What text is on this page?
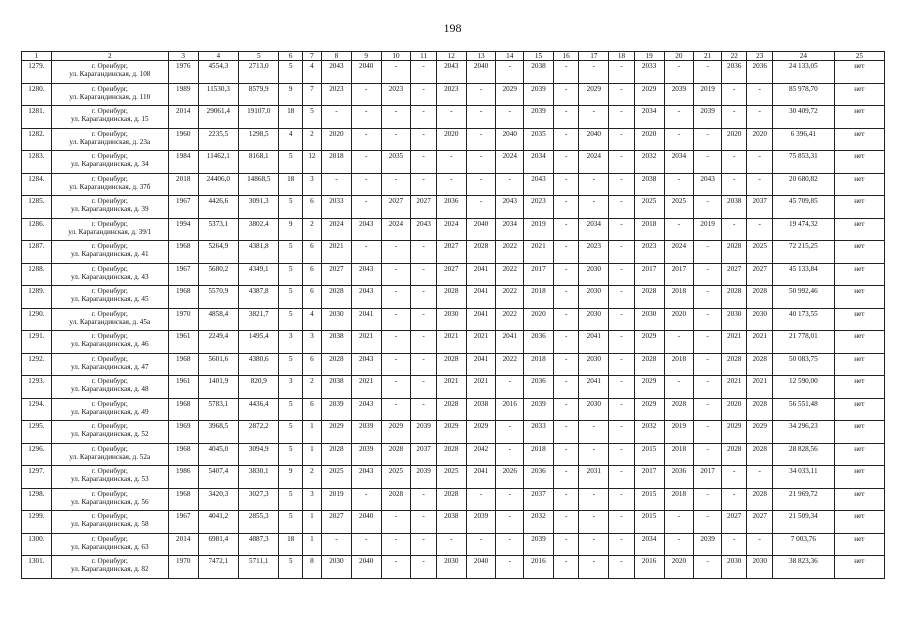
198
1	2	3	4	5	6	7	8	9	10	11	12	13	14	15	16	17	18	19	20	21	22	23	24	25
1279.	г. Оренбург,
ул. Карагандинская, д. 108	1976	4554,3	2713,0	5	4	2043	2040	-	-	2043	2040	-	2038	-	-	-	2033	-	-	2036	2036	24 133,05	нет
1280.	г. Оренбург,
ул. Карагандинская, д. 110	1989	11530,3	8579,9	9	7	2023	-	2023	-	2023	-	2029	2039	-	2029	-	2029	2039	2019	-	-	85 978,70	нет
1281.	г. Оренбург,
ул. Карагандинская, д. 15	2014	29061,4	19107,0	18	5	-	-	-	-	-	-	-	2039	-	-	-	2034	-	2039	-	-	30 409,72	нет
1282.	г. Оренбург,
ул. Карагандинская, д. 23а	1960	2235,5	1298,5	4	2	2020	-	-	-	2020	-	2040	2035	-	2040	-	2020	-	-	2020	2020	6 396,41	нет
1283.	г. Оренбург,
ул. Карагандинская, д. 34	1984	11462,1	8168,1	5	12	2018	-	2035	-	-	-	2024	2034	-	2024	-	2032	2034	-	-	-	75 853,31	нет
1284.	г. Оренбург,
ул. Карагандинская, д. 37б	2018	24406,0	14868,5	18	3	-	-	-	-	-	-	-	2043	-	-	-	2038	-	2043	-	-	20 680,82	нет
1285.	г. Оренбург,
ул. Карагандинская, д. 39	1967	4426,6	3091,3	5	6	2033	-	2027	2027	2036	-	2043	2023	-	-	-	2025	2025	-	2038	2037	45 709,85	нет
1286.	г. Оренбург,
ул. Карагандинская, д. 39/1	1994	5373,1	3802,4	9	2	2024	2043	2024	2043	2024	2040	2034	2019	-	2034	-	2018	-	2019	-	-	19 474,32	нет
1287.	г. Оренбург,
ул. Карагандинская, д. 41	1968	5264,9	4381,8	5	6	2021	-	-	-	2027	2028	2022	2021	-	2023	-	2023	2024	-	2028	2025	72 215,25	нет
1288.	г. Оренбург,
ул. Карагандинская, д. 43	1967	5680,2	4349,1	5	6	2027	2043	-	-	2027	2041	2022	2017	-	2030	-	2017	2017	-	2027	2027	45 133,84	нет
1289.	г. Оренбург,
ул. Карагандинская, д. 45	1968	5570,9	4387,8	5	6	2028	2043	-	-	2028	2041	2022	2018	-	2030	-	2028	2018	-	2028	2028	50 992,46	нет
1290.	г. Оренбург,
ул. Карагандинская, д. 45а	1970	4858,4	3821,7	5	4	2030	2041	-	-	2030	2041	2022	2020	-	2030	-	2030	2020	-	2030	2030	40 173,55	нет
1291.	г. Оренбург,
ул. Карагандинская, д. 46	1961	2249,4	1495,4	3	3	2038	2021	-	-	2021	2021	2041	2036	-	2041	-	2029	-	-	2021	2021	21 778,01	нет
1292.	г. Оренбург,
ул. Карагандинская, д. 47	1968	5601,6	4380,6	5	6	2028	2043	-	-	2028	2041	2022	2018	-	2030	-	2028	2018	-	2028	2028	50 083,75	нет
1293.	г. Оренбург,
ул. Карагандинская, д. 48	1961	1401,9	820,9	3	2	2038	2021	-	-	2021	2021	-	2036	-	2041	-	2029	-	-	2021	2021	12 590,00	нет
1294.	г. Оренбург,
ул. Карагандинская, д. 49	1968	5783,1	4436,4	5	6	2039	2043	-	-	2028	2038	2016	2039	-	2030	-	2029	2028	-	2020	2028	56 551,48	нет
1295.	г. Оренбург,
ул. Карагандинская, д. 52	1969	3968,5	2872,2	5	1	2029	2039	2029	2039	2029	2029	-	2033	-	-	-	2032	2019	-	2029	2029	34 296,23	нет
1296.	г. Оренбург,
ул. Карагандинская, д. 52а	1968	4045,0	3094,9	5	1	2028	2039	2028	2037	2028	2042	-	2018	-	-	-	2015	2018	-	2028	2028	28 828,56	нет
1297.	г. Оренбург,
ул. Карагандинская, д. 53	1986	5407,4	3830,1	9	2	2025	2043	2025	2039	2025	2041	2026	2036	-	2031	-	2017	2036	2017	-	-	34 033,11	нет
1298.	г. Оренбург,
ул. Карагандинская, д. 56	1968	3420,3	3027,3	5	3	2019	-	2028	-	2028	-	-	2037	-	-	-	2015	2018	-	-	2028	21 969,72	нет
1299.	г. Оренбург,
ул. Карагандинская, д. 58	1967	4041,2	2855,3	5	1	2027	2040	-	-	2038	2039	-	2032	-	-	-	2015	-	-	2027	2027	21 509,34	нет
1300.	г. Оренбург,
ул. Карагандинская, д. 63	2014	6981,4	4887,3	18	1	-	-	-	-	-	-	-	2039	-	-	-	2034	-	2039	-	-	7 003,76	нет
1301.	г. Оренбург,
ул. Карагандинская, д. 82	1970	7472,1	5711,1	5	8	2030	2040	-	-	2030	2040	-	2016	-	-	-	2016	2020	-	2030	2030	38 823,36	нет
